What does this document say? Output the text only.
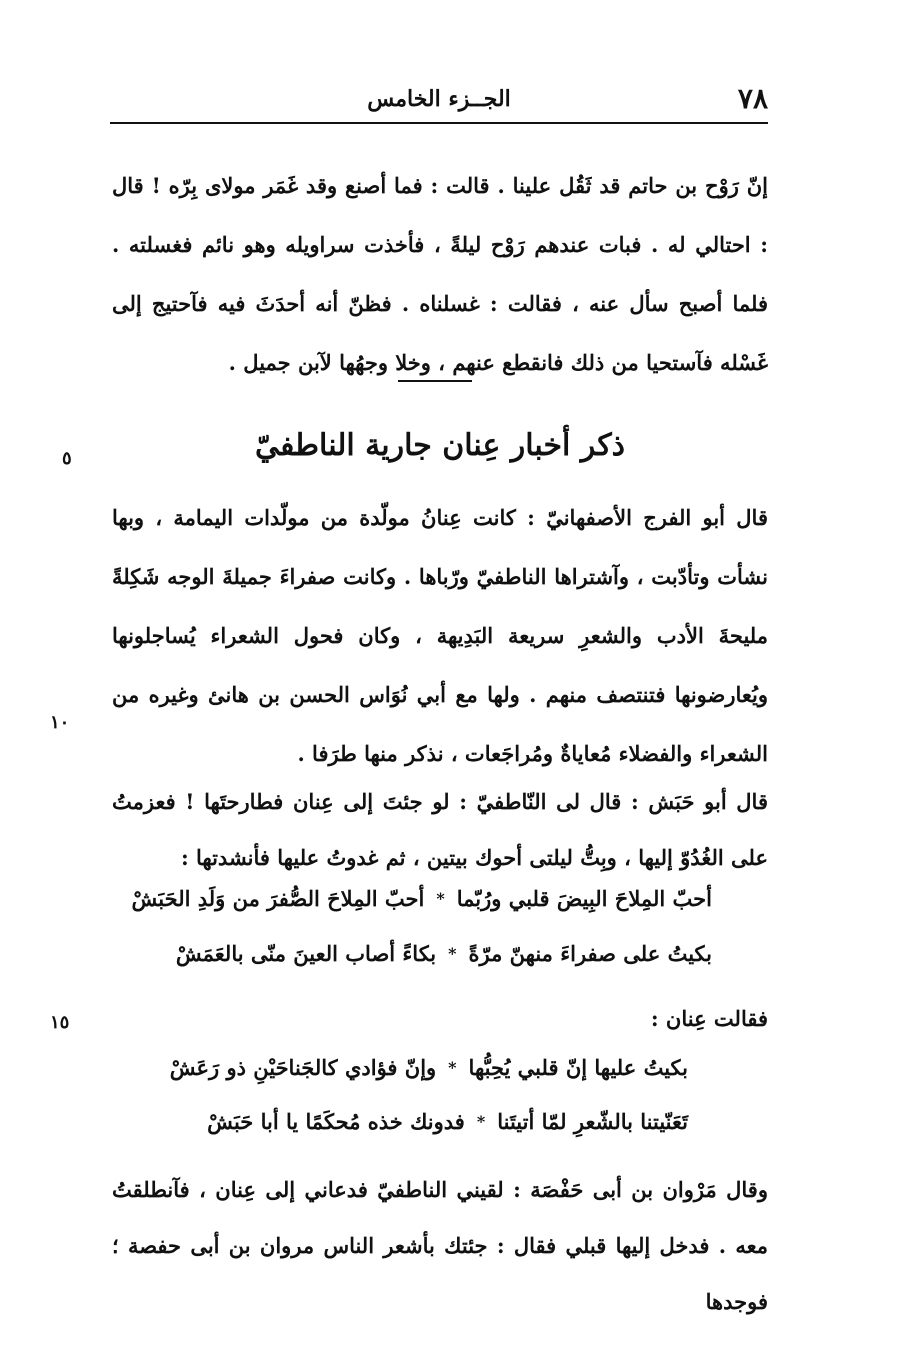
٧٨
الجــزء الخامس
إنّ رَوْح بن حاتم قد ثَقُل علينا . قالت : فما أصنع وقد غَمَر مولاى بِرّه ! قال : احتالي له . فبات عندهم رَوْح ليلةً ، فأخذت سراويله وهو نائم فغسلته . فلما أصبح سأل عنه ، فقالت : غسلناه . فظنّ أنه أحدَثَ فيه فآحتيج إلى غَسْله فآستحيا من ذلك فانقطع عنهم ، وخلا وجهُها لآبن جميل .
ذكر أخبار عِنان جارية الناطفيّ
قال أبو الفرج الأصفهانيّ : كانت عِنانُ مولّدة من مولّدات اليمامة ، وبها نشأت وتأدّبت ، وآشتراها الناطفيّ ورّباها . وكانت صفراءَ جميلةَ الوجه شَكِلةً مليحةَ الأدب والشعرِ سريعة البَدِيهة ، وكان فحول الشعراء يُساجلونها ويُعارضونها فتنتصف منهم . ولها مع أبي نُوَاس الحسن بن هانئ وغيره من الشعراء والفضلاء مُعاياةٌ ومُراجَعات ، نذكر منها طرَفا .
قال أبو حَبَش : قال لى النّاطفيّ : لو جئتَ إلى عِنان فطارحتَها ! فعزمتُ على الغُدُوّ إليها ، وبِتُّ ليلتى أحوك بيتين ، ثم غدوتُ عليها فأنشدتها :
أحبّ المِلاحَ البِيضَ قلبي ورُبّما
*
أحبّ المِلاحَ الصُّفرَ من وَلَدِ الحَبَشْ
بكيتُ على صفراءَ منهنّ مرّةً
*
بكاءً أصاب العينَ منّى بالعَمَشْ
فقالت عِنان :
بكيتُ عليها إنّ قلبي يُحِبُّها
*
وإنّ فؤادي كالجَناحَيْنِ ذو رَعَشْ
تَعَنّيتنا بالشّعرِ لمّا أتيتَنا
*
فدونك خذه مُحكَمًا يا أبا حَبَشْ
وقال مَرْوان بن أبى حَفْصَة : لقيني الناطفيّ فدعاني إلى عِنان ، فآنطلقتُ معه . فدخل إليها قبلي فقال : جئتك بأشعر الناس مروان بن أبى حفصة ؛ فوجدها
٥
١٠
١٥
